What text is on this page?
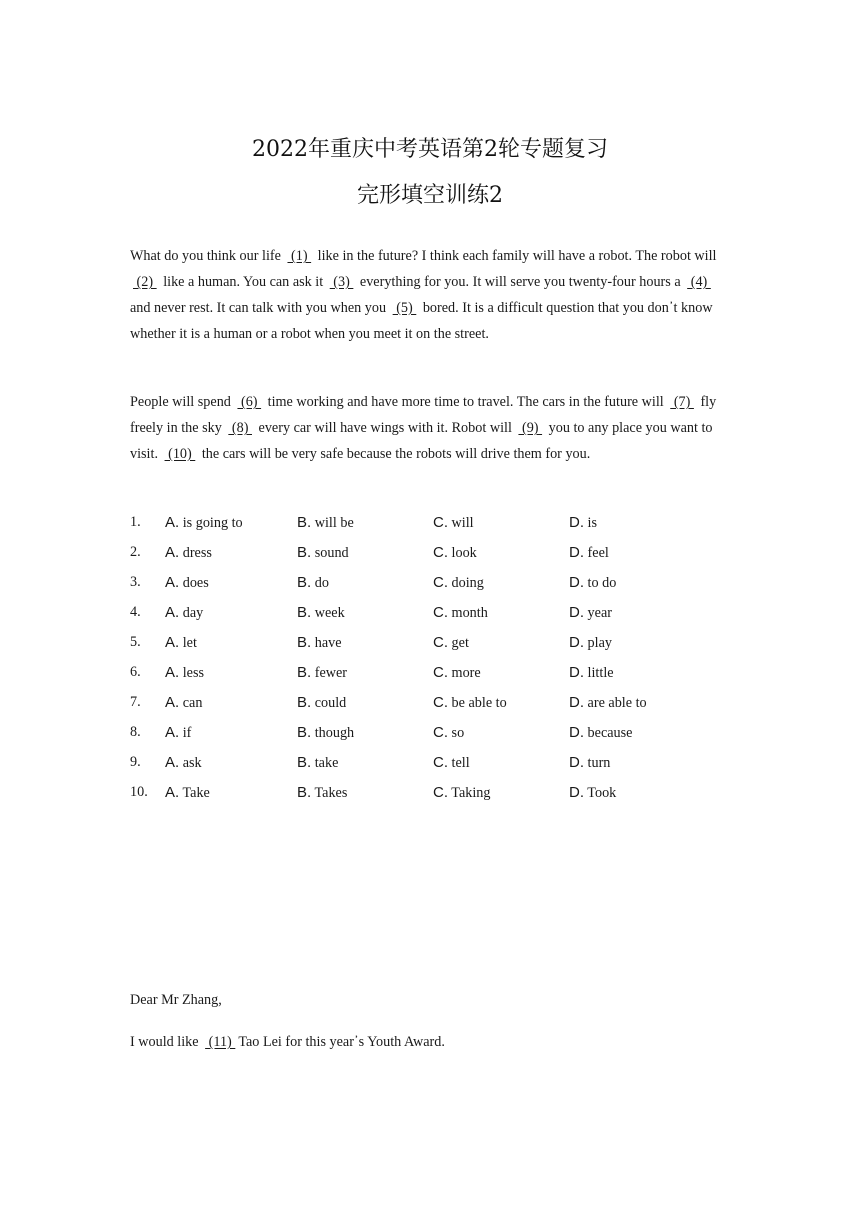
2022年重庆中考英语第2轮专题复习
完形填空训练2

What do you think our life  (1)  like in the future? I think each family will have a robot. The robot will  (2)  like a human. You can ask it  (3)  everything for you. It will serve you twenty-four hours a  (4)  and never rest. It can talk with you when you  (5)  bored. It is a difficult question that you don᾿t know whether it is a human or a robot when you meet it on the street.

People will spend  (6)  time working and have more time to travel. The cars in the future will  (7)  fly freely in the sky  (8)  every car will have wings with it. Robot will  (9)  you to any place you want to visit.  (10)  the cars will be very safe because the robots will drive them for you.

1. A. is going to	B. will be	C. will	D. is
2. A. dress	B. sound	C. look	D. feel
3. A. does	B. do	C. doing	D. to do
4. A. day	B. week	C. month	D. year
5. A. let	B. have	C. get	D. play
6. A. less	B. fewer	C. more	D. little
7. A. can	B. could	C. be able to	D. are able to
8. A. if	B. though	C. so	D. because
9. A. ask	B. take	C. tell	D. turn
10. A. Take	B. Takes	C. Taking	D. Took
Dear Mr Zhang,
I would like  (11) Tao Lei for this year᾿s Youth Award.
